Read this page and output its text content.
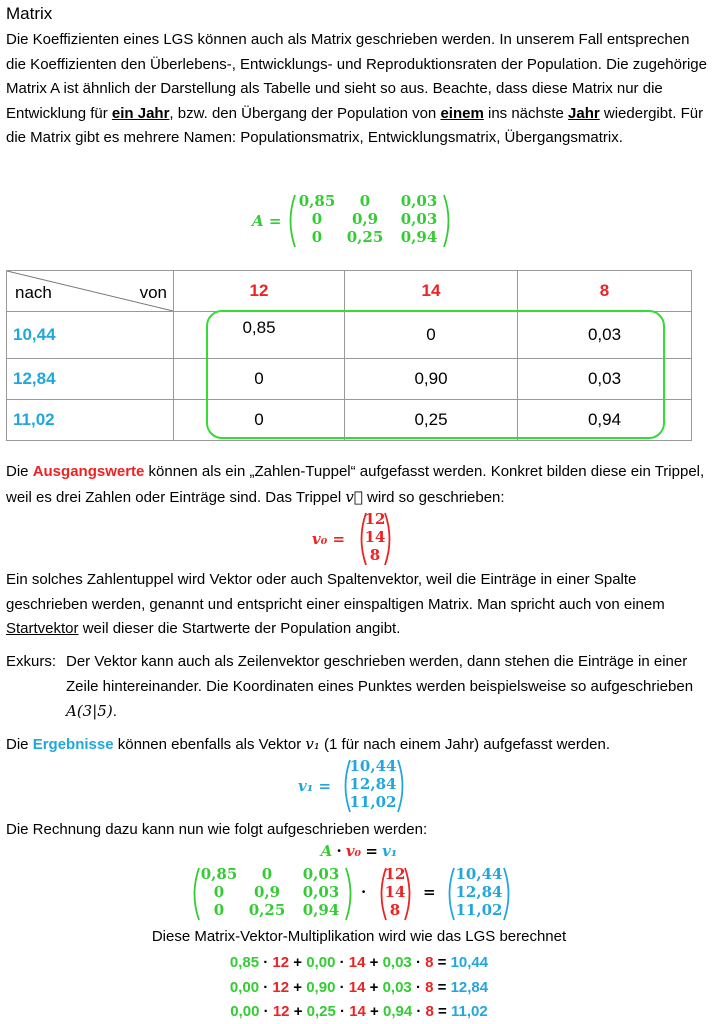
Matrix
Die Koeffizienten eines LGS können auch als Matrix geschrieben werden. In unserem Fall entsprechen die Koeffizienten den Überlebens-, Entwicklungs- und Reproduktionsraten der Population. Die zugehörige Matrix A ist ähnlich der Darstellung als Tabelle und sieht so aus. Beachte, dass diese Matrix nur die Entwicklung für ein Jahr, bzw. den Übergang der Population von einem ins nächste Jahr wiedergibt. Für die Matrix gibt es mehrere Namen: Populationsmatrix, Entwicklungsmatrix, Übergangsmatrix.
A =
0,85	0	0,03
0	0,9	0,03
0	0,25	0,94
nach von	12	14	8
10,44	0,85	0	0,03
12,84	0	0,90	0,03
11,02	0	0,25	0,94
Die Ausgangswerte können als ein „Zahlen-Tuppel“ aufgefasst werden. Konkret bilden diese ein Trippel, weil es drei Zahlen oder Einträge sind. Das Trippel v⃗ wird so geschrieben:
v₀ =
12
14
8
Ein solches Zahlentuppel wird Vektor oder auch Spaltenvektor, weil die Einträge in einer Spalte geschrieben werden, genannt und entspricht einer einspaltigen Matrix. Man spricht auch von einem Startvektor weil dieser die Startwerte der Population angibt.
Exkurs: Der Vektor kann auch als Zeilenvektor geschrieben werden, dann stehen die Einträge in einer Zeile hintereinander. Die Koordinaten eines Punktes werden beispielsweise so aufgeschrieben A(3|5).
Die Ergebnisse können ebenfalls als Vektor v₁ (1 für nach einem Jahr) aufgefasst werden.
v₁ =
10,44
12,84
11,02
Die Rechnung dazu kann nun wie folgt aufgeschrieben werden:
A · v₀ = v₁
0,85	0	0,03
0	0,9	0,03
0	0,25	0,94
·
12
14
8
=
10,44
12,84
11,02
Diese Matrix-Vektor-Multiplikation wird wie das LGS berechnet
0,85 · 12 + 0,00 · 14 + 0,03 · 8 = 10,44
0,00 · 12 + 0,90 · 14 + 0,03 · 8 = 12,84
0,00 · 12 + 0,25 · 14 + 0,94 · 8 = 11,02
